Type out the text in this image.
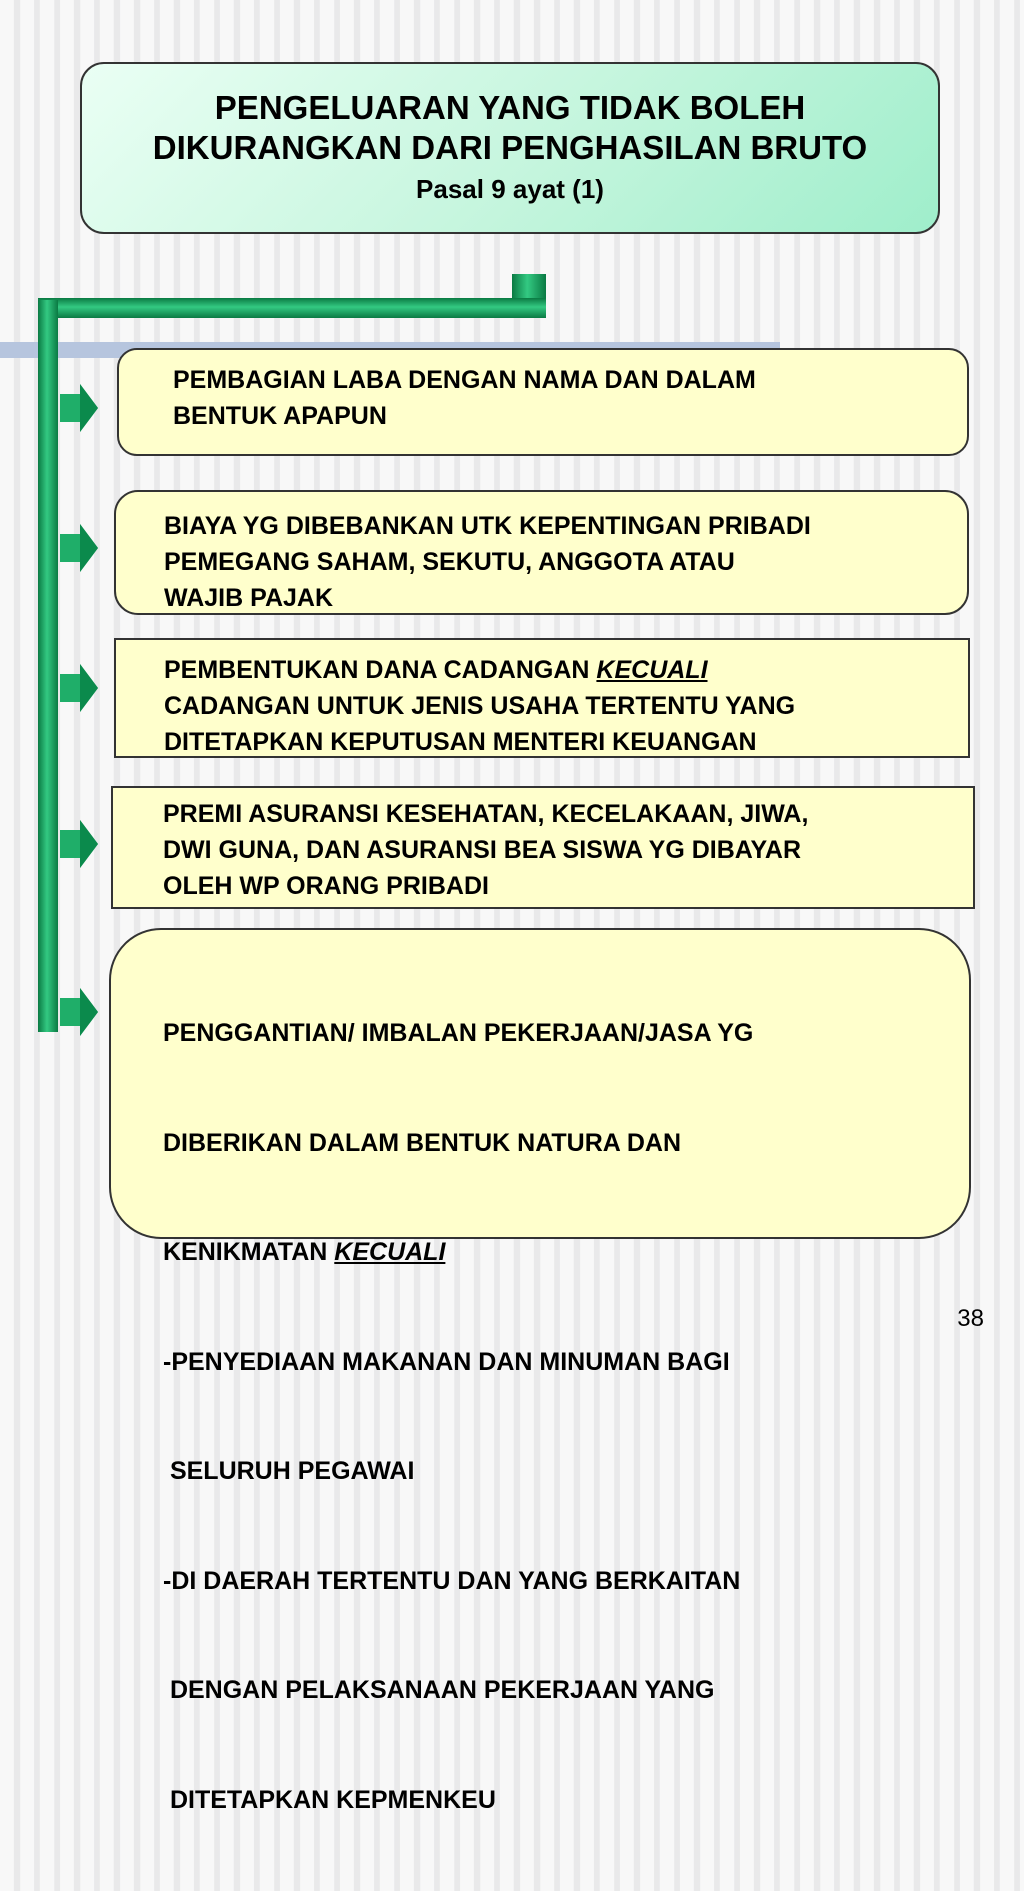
PENGELUARAN YANG TIDAK BOLEH
DIKURANGKAN DARI PENGHASILAN BRUTO
Pasal 9 ayat (1)
PEMBAGIAN LABA DENGAN NAMA DAN DALAM
BENTUK APAPUN
BIAYA YG DIBEBANKAN UTK KEPENTINGAN PRIBADI
PEMEGANG SAHAM, SEKUTU, ANGGOTA ATAU
WAJIB PAJAK
PEMBENTUKAN DANA CADANGAN KECUALI
CADANGAN UNTUK JENIS USAHA TERTENTU YANG
DITETAPKAN KEPUTUSAN MENTERI KEUANGAN
PREMI ASURANSI KESEHATAN, KECELAKAAN, JIWA,
DWI GUNA, DAN ASURANSI BEA SISWA YG DIBAYAR
OLEH WP ORANG PRIBADI

PENGGANTIAN/ IMBALAN PEKERJAAN/JASA YG

DIBERIKAN DALAM BENTUK NATURA DAN

KENIKMATAN KECUALI

-PENYEDIAAN MAKANAN DAN MINUMAN BAGI

SELURUH PEGAWAI

-DI DAERAH TERTENTU DAN YANG BERKAITAN

DENGAN PELAKSANAAN PEKERJAAN YANG

DITETAPKAN KEPMENKEU

38
